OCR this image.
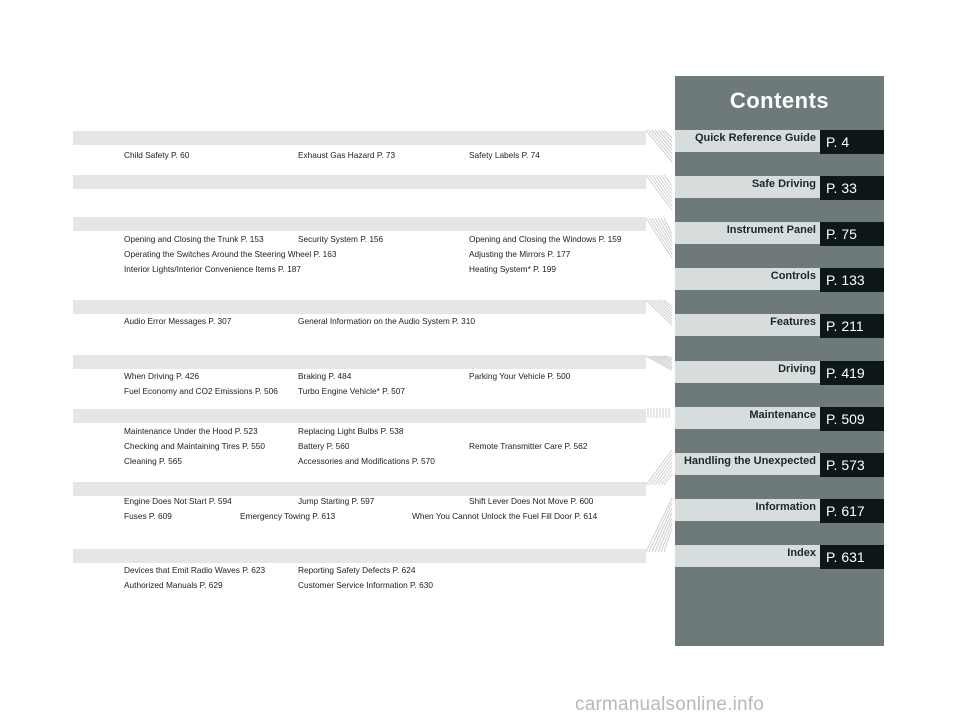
Child Safety P. 60	Exhaust Gas Hazard P. 73	Safety Labels P. 74
Opening and Closing the Trunk P. 153	Security System P. 156	Opening and Closing the Windows P. 159
Operating the Switches Around the Steering Wheel P. 163	Adjusting the Mirrors P. 177
Interior Lights/Interior Convenience Items P. 187	Heating System* P. 199
Audio Error Messages P. 307	General Information on the Audio System P. 310
When Driving P. 426	Braking P. 484	Parking Your Vehicle P. 500
Fuel Economy and CO2 Emissions P. 506 Turbo Engine Vehicle* P. 507
Maintenance Under the Hood P. 523	Replacing Light Bulbs P. 538
Checking and Maintaining Tires P. 550	Battery P. 560	Remote Transmitter Care P. 562
Cleaning P. 565	Accessories and Modifications P. 570
Engine Does Not Start P. 594	Jump Starting P. 597	Shift Lever Does Not Move P. 600
Fuses P. 609	Emergency Towing P. 613	When You Cannot Unlock the Fuel Fill Door P. 614
Devices that Emit Radio Waves P. 623	Reporting Safety Defects P. 624
Authorized Manuals P. 629	Customer Service Information P. 630
Contents
Quick Reference Guide P. 4
Safe Driving P. 33
Instrument Panel P. 75
Controls P. 133
Features P. 211
Driving P. 419
Maintenance P. 509
Handling the Unexpected P. 573
Information P. 617
Index P. 631
carmanualsonline.info
